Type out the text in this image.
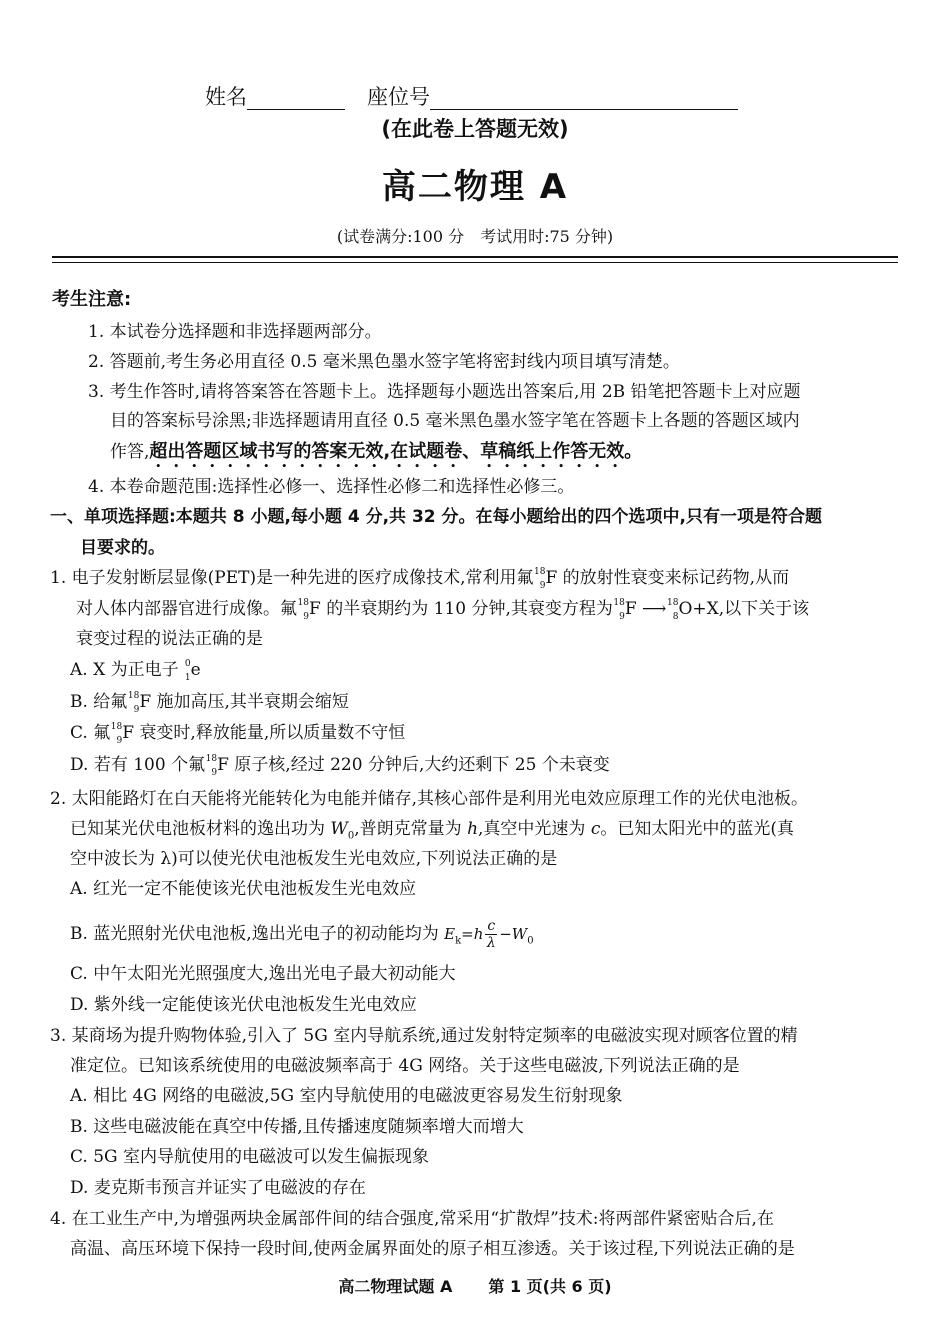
姓名	座位号
(在此卷上答题无效)
高二物理 A
(试卷满分:100 分　考试用时:75 分钟)
考生注意:
1. 本试卷分选择题和非选择题两部分。
2. 答题前,考生务必用直径 0.5 毫米黑色墨水签字笔将密封线内项目填写清楚。
3. 考生作答时,请将答案答在答题卡上。选择题每小题选出答案后,用 2B 铅笔把答题卡上对应题
目的答案标号涂黑;非选择题请用直径 0.5 毫米黑色墨水签字笔在答题卡上各题的答题区域内
作答,超出答题区域书写的答案无效,在试题卷、草稿纸上作答无效。
4. 本卷命题范围:选择性必修一、选择性必修二和选择性必修三。
一、单项选择题:本题共 8 小题,每小题 4 分,共 32 分。在每小题给出的四个选项中,只有一项是符合题
目要求的。
1. 电子发射断层显像(PET)是一种先进的医疗成像技术,常利用氟 18
9 F 的放射性衰变来标记药物,从而
对人体内部器官进行成像。氟 18
9 F 的半衰期约为 110 分钟,其衰变方程为 18
9 F ⟶ 18
8 O+X,以下关于该
衰变过程的说法正确的是
A. X 为正电子 0
1 e
B. 给氟 18
9 F 施加高压,其半衰期会缩短
C. 氟 18
9 F 衰变时,释放能量,所以质量数不守恒
D. 若有 100 个氟 18
9 F 原子核,经过 220 分钟后,大约还剩下 25 个未衰变
2. 太阳能路灯在白天能将光能转化为电能并储存,其核心部件是利用光电效应原理工作的光伏电池板。
已知某光伏电池板材料的逸出功为 $W_0$,普朗克常量为 h,真空中光速为 c。已知太阳光中的蓝光(真
空中波长为 λ)可以使光伏电池板发生光电效应,下列说法正确的是
A. 红光一定不能使该光伏电池板发生光电效应
B. 蓝光照射光伏电池板,逸出光电子的初动能均为 $E_k=h \frac{c}{\lambda} -W_0$
C. 中午太阳光光照强度大,逸出光电子最大初动能大
D. 紫外线一定能使该光伏电池板发生光电效应
3. 某商场为提升购物体验,引入了 5G 室内导航系统,通过发射特定频率的电磁波实现对顾客位置的精
准定位。已知该系统使用的电磁波频率高于 4G 网络。关于这些电磁波,下列说法正确的是
A. 相比 4G 网络的电磁波,5G 室内导航使用的电磁波更容易发生衍射现象
B. 这些电磁波能在真空中传播,且传播速度随频率增大而增大
C. 5G 室内导航使用的电磁波可以发生偏振现象
D. 麦克斯韦预言并证实了电磁波的存在
4. 在工业生产中,为增强两块金属部件间的结合强度,常采用“扩散焊”技术:将两部件紧密贴合后,在
高温、高压环境下保持一段时间,使两金属界面处的原子相互渗透。关于该过程,下列说法正确的是
高二物理试题 A 第 1 页(共 6 页)
